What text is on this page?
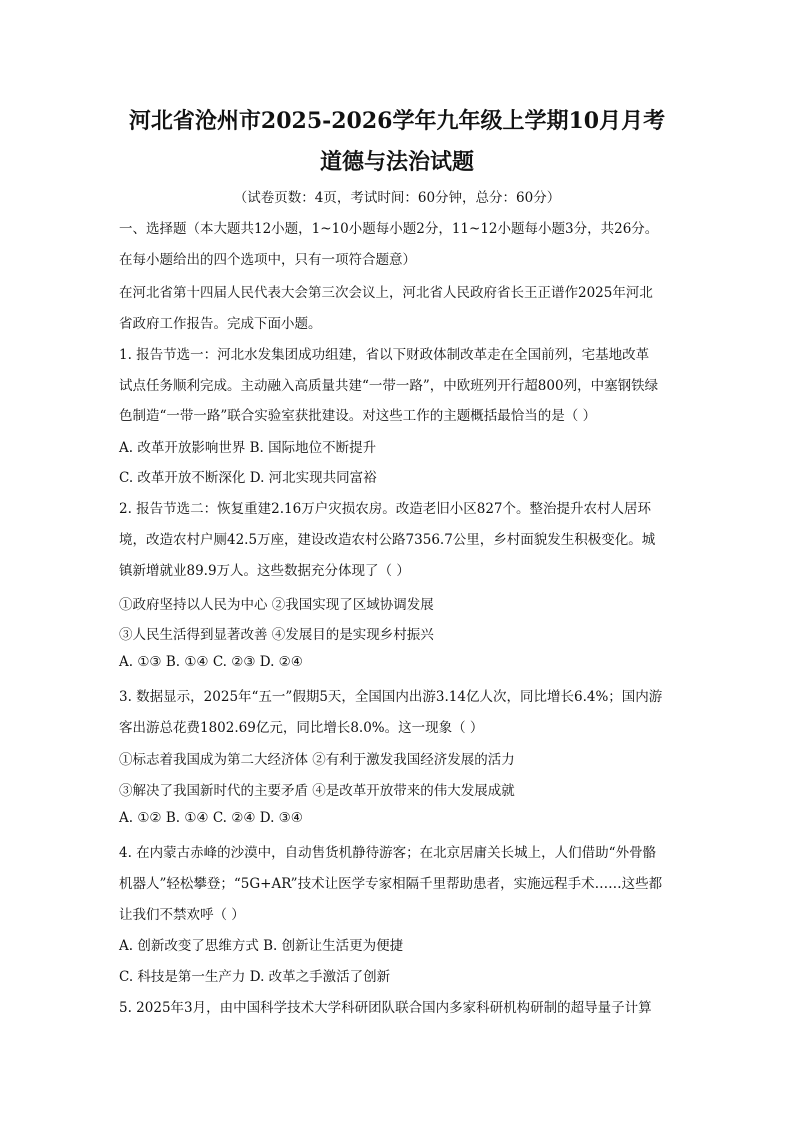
河北省沧州市2025-2026学年九年级上学期10月月考
道德与法治试题
（试卷页数：4页，考试时间：60分钟，总分：60分）
一、选择题（本大题共12小题，1~10小题每小题2分，11~12小题每小题3分，共26分。
在每小题给出的四个选项中，只有一项符合题意）
在河北省第十四届人民代表大会第三次会议上，河北省人民政府省长王正谱作2025年河北
省政府工作报告。完成下面小题。
1. 报告节选一：河北水发集团成功组建，省以下财政体制改革走在全国前列，宅基地改革
试点任务顺利完成。主动融入高质量共建“一带一路”，中欧班列开行超800列，中塞钢铁绿
色制造“一带一路”联合实验室获批建设。对这些工作的主题概括最恰当的是（ ）
A. 改革开放影响世界 B. 国际地位不断提升
C. 改革开放不断深化 D. 河北实现共同富裕
2. 报告节选二：恢复重建2.16万户灾损农房。改造老旧小区827个。整治提升农村人居环
境，改造农村户厕42.5万座，建设改造农村公路7356.7公里，乡村面貌发生积极变化。城
镇新增就业89.9万人。这些数据充分体现了（ ）
①政府坚持以人民为中心 ②我国实现了区域协调发展
③人民生活得到显著改善 ④发展目的是实现乡村振兴
A. ①③ B. ①④ C. ②③ D. ②④
3. 数据显示，2025年“五一”假期5天，全国国内出游3.14亿人次，同比增长6.4%；国内游
客出游总花费1802.69亿元，同比增长8.0%。这一现象（ ）
①标志着我国成为第二大经济体 ②有利于激发我国经济发展的活力
③解决了我国新时代的主要矛盾 ④是改革开放带来的伟大发展成就
A. ①② B. ①④ C. ②④ D. ③④
4. 在内蒙古赤峰的沙漠中，自动售货机静待游客；在北京居庸关长城上，人们借助“外骨骼
机器人”轻松攀登；“5G+AR”技术让医学专家相隔千里帮助患者，实施远程手术……这些都
让我们不禁欢呼（ ）
A. 创新改变了思维方式 B. 创新让生活更为便捷
C. 科技是第一生产力 D. 改革之手激活了创新
5. 2025年3月，由中国科学技术大学科研团队联合国内多家科研机构研制的超导量子计算
